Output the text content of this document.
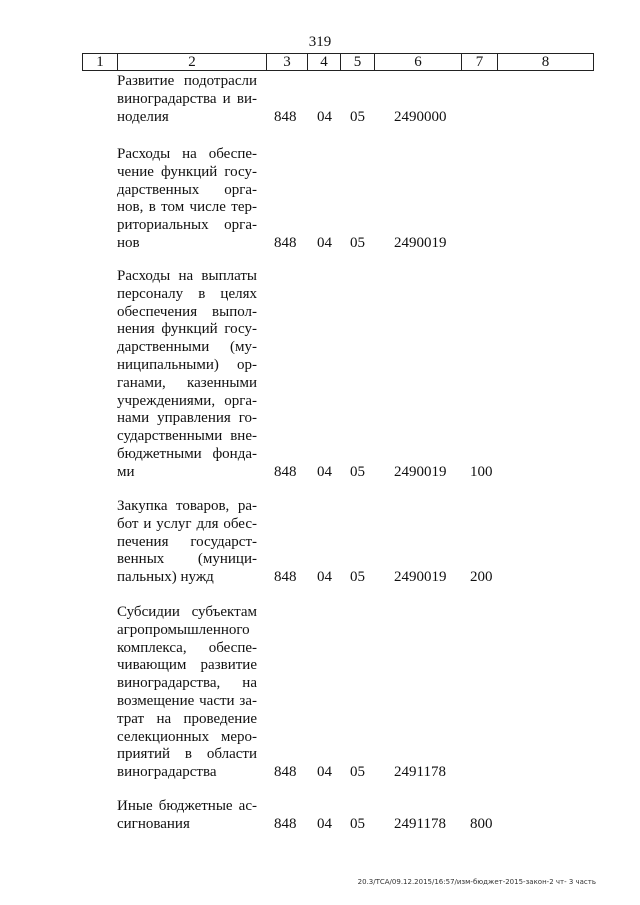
319
1	2	3	4	5	6	7	8
Развитие подотрасли
виноградарства и ви-
ноделия	848 04 05 2490000
Расходы на обеспе-
чение функций госу-
дарственных орга-
нов, в том числе тер-
риториальных орга-
нов	848 04 05 2490019
Расходы на выплаты
персоналу в целях
обеспечения выпол-
нения функций госу-
дарственными (му-
ниципальными) ор-
ганами, казенными
учреждениями, орга-
нами управления го-
сударственными вне-
бюджетными фонда-
ми	848 04 05 2490019 100
Закупка товаров, ра-
бот и услуг для обес-
печения государст-
венных (муници-
пальных) нужд	848 04 05 2490019 200
Субсидии субъектам
агропромышленного
комплекса, обеспе-
чивающим развитие
виноградарства, на
возмещение части за-
трат на проведение
селекционных меро-
приятий в области
виноградарства	848 04 05 2491178
Иные бюджетные ас-
сигнования	848 04 05 2491178 800
20.3/ТСА/09.12.2015/16:57/изм-бюджет-2015-закон-2 чт- 3 часть
